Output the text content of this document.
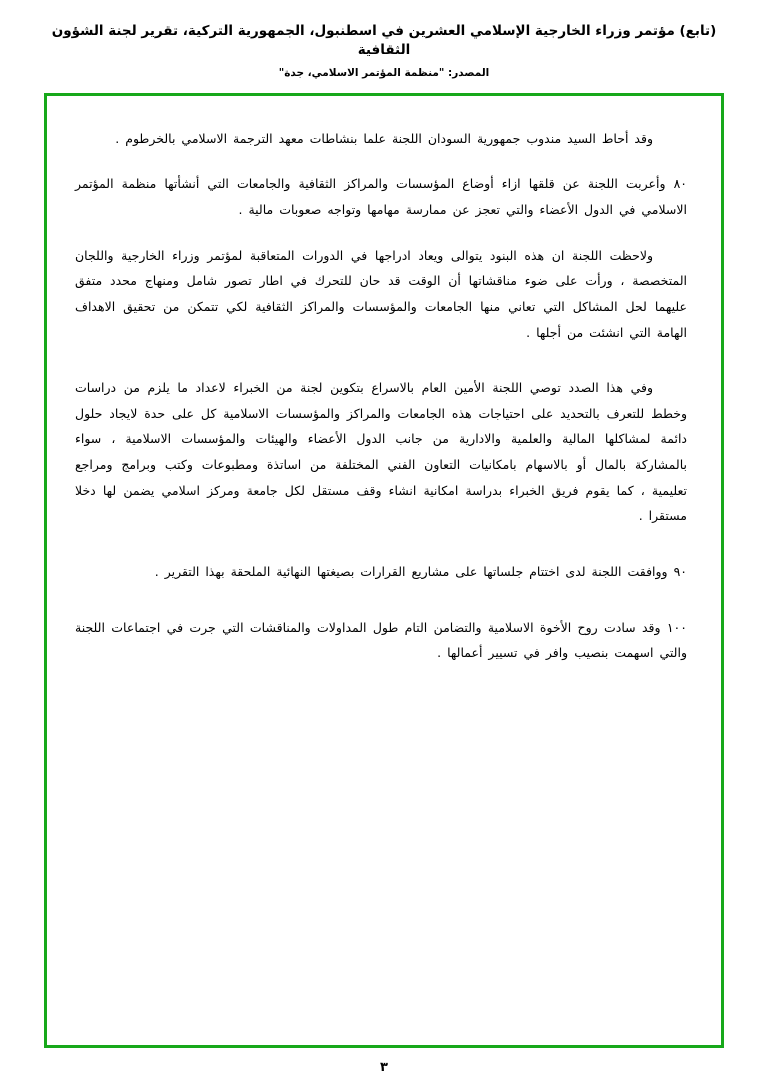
(تابع) مؤتمر وزراء الخارجية الإسلامي العشرين في اسطنبول، الجمهورية التركية، تقرير لجنة الشؤون الثقافية
المصدر: "منظمة المؤتمر الاسلامي، جدة"

وقد أحاط السيد مندوب جمهورية السودان اللجنة علما بنشاطات معهد الترجمة الاسلامي بالخرطوم .

٨٠ وأعربت اللجنة عن قلقها ازاء أوضاع المؤسسات والمراكز الثقافية والجامعات التي أنشأتها منظمة المؤتمر الاسلامي في الدول الأعضاء والتي تعجز عن ممارسة مهامها وتواجه صعوبات مالية .

ولاحظت اللجنة ان هذه البنود يتوالى ويعاد ادراجها في الدورات المتعاقبة لمؤتمر وزراء الخارجية واللجان المتخصصة ، ورأت على ضوء مناقشاتها أن الوقت قد حان للتحرك في اطار تصور شامل ومنهاج محدد متفق عليهما لحل المشاكل التي تعاني منها الجامعات والمؤسسات والمراكز الثقافية لكي تتمكن من تحقيق الاهداف الهامة التي انشئت من أجلها .

وفي هذا الصدد توصي اللجنة الأمين العام بالاسراع بتكوين لجنة من الخبراء لاعداد ما يلزم من دراسات وخطط للتعرف بالتحديد على احتياجات هذه الجامعات والمراكز والمؤسسات الاسلامية كل على حدة لايجاد حلول دائمة لمشاكلها المالية والعلمية والادارية من جانب الدول الأعضاء والهيئات والمؤسسات الاسلامية ، سواء بالمشاركة بالمال أو بالاسهام بامكانيات التعاون الفني المختلفة من اساتذة ومطبوعات وكتب وبرامج ومراجع تعليمية ، كما يقوم فريق الخبراء بدراسة امكانية انشاء وقف مستقل لكل جامعة ومركز اسلامي يضمن لها دخلا مستقرا .

٩٠ ووافقت اللجنة لدى اختتام جلساتها على مشاريع القرارات بصيغتها النهائية الملحقة بهذا التقرير .

١٠٠ وقد سادت روح الأخوة الاسلامية والتضامن التام طول المداولات والمناقشات التي جرت في اجتماعات اللجنة والتي اسهمت بنصيب وافر في تسيير أعمالها .

٣
